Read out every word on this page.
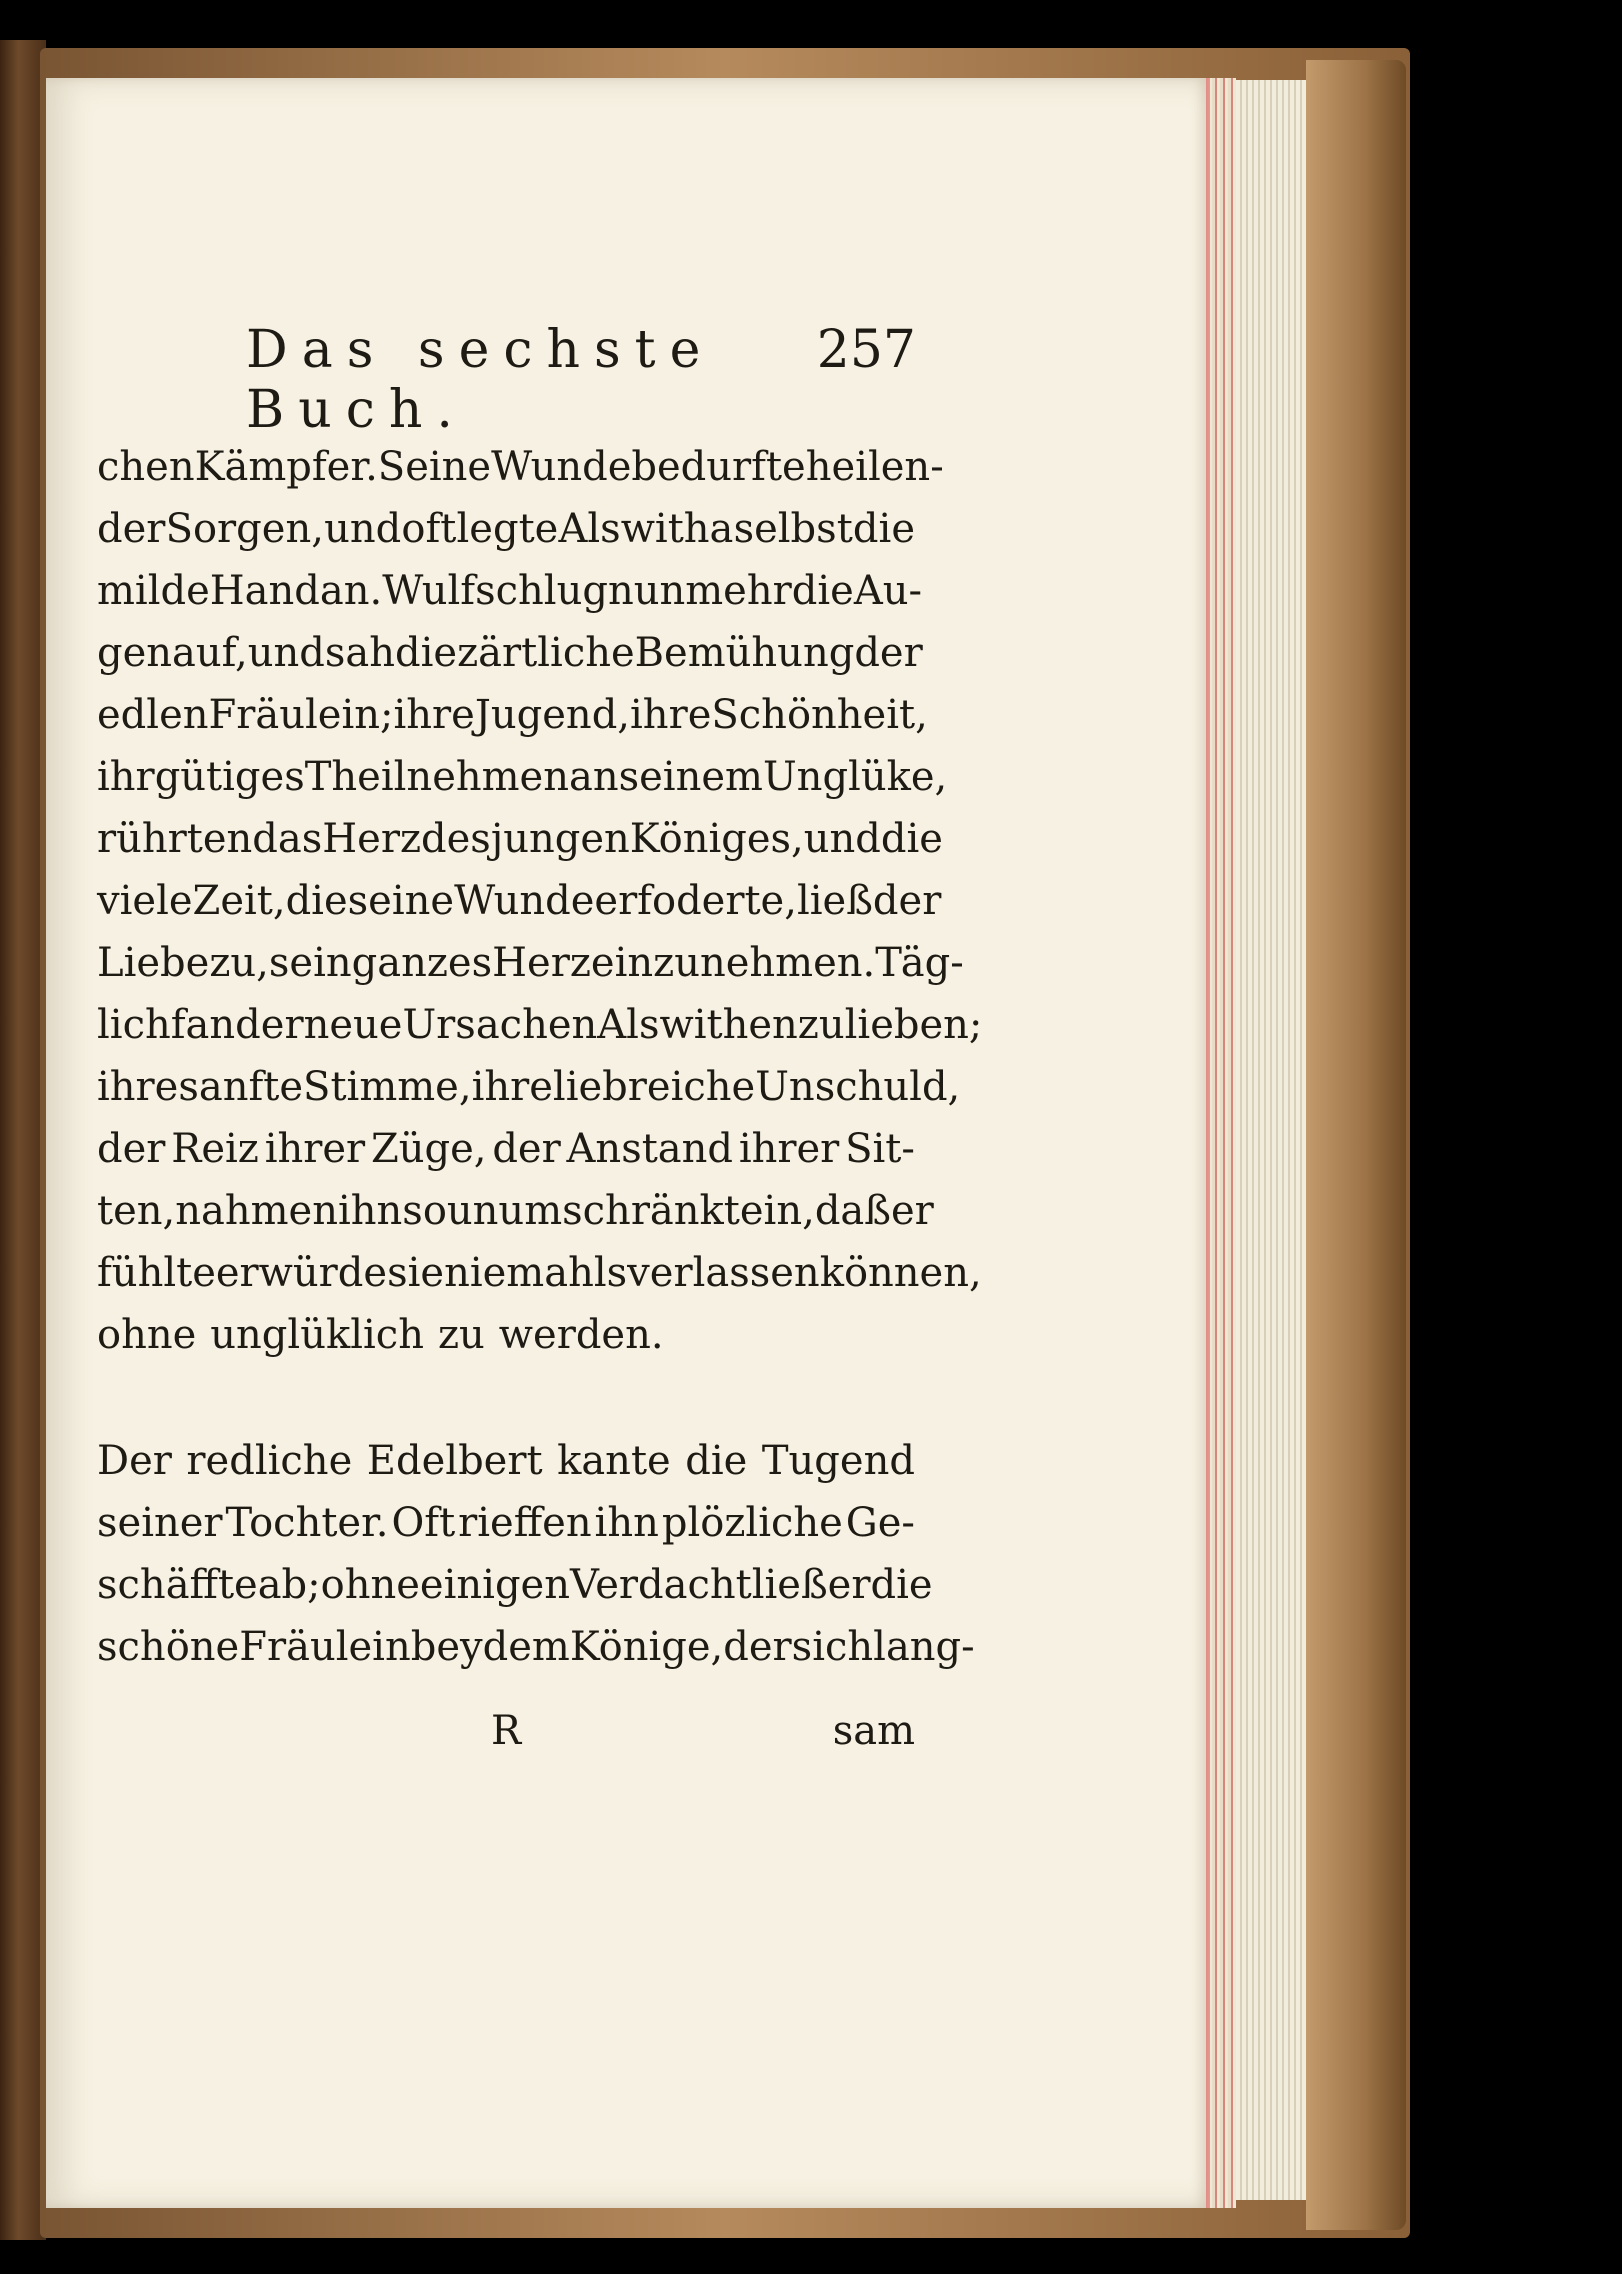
Das sechste Buch.
257
chen Kämpfer. Seine Wunde bedurfte heilen-
der Sorgen, und oft legte Alswitha selbst die
milde Hand an. Wulf schlug nunmehr die Au-
gen auf, und sah die zärtliche Bemühung der
edlen Fräulein; ihre Jugend, ihre Schönheit,
ihr gütiges Theilnehmen an seinem Unglüke,
rührten das Herz des jungen Königes, und die
viele Zeit, die seine Wunde erfoderte, ließ der
Liebe zu, sein ganzes Herz einzunehmen. Täg-
lich fand er neue Ursachen Alswithen zu lieben;
ihre sanfte Stimme, ihre liebreiche Unschuld,
der Reiz ihrer Züge, der Anstand ihrer Sit-
ten, nahmen ihn so unumschränkt ein, daß er
fühlte er würde sie niemahls verlassen können,
ohne unglüklich zu werden.
Der redliche Edelbert kante die Tugend
seiner Tochter. Oft rieffen ihn plözliche Ge-
schäffte ab; ohne einigen Verdacht ließ er die
schöne Fräulein bey dem Könige, der sich lang-
R	sam
